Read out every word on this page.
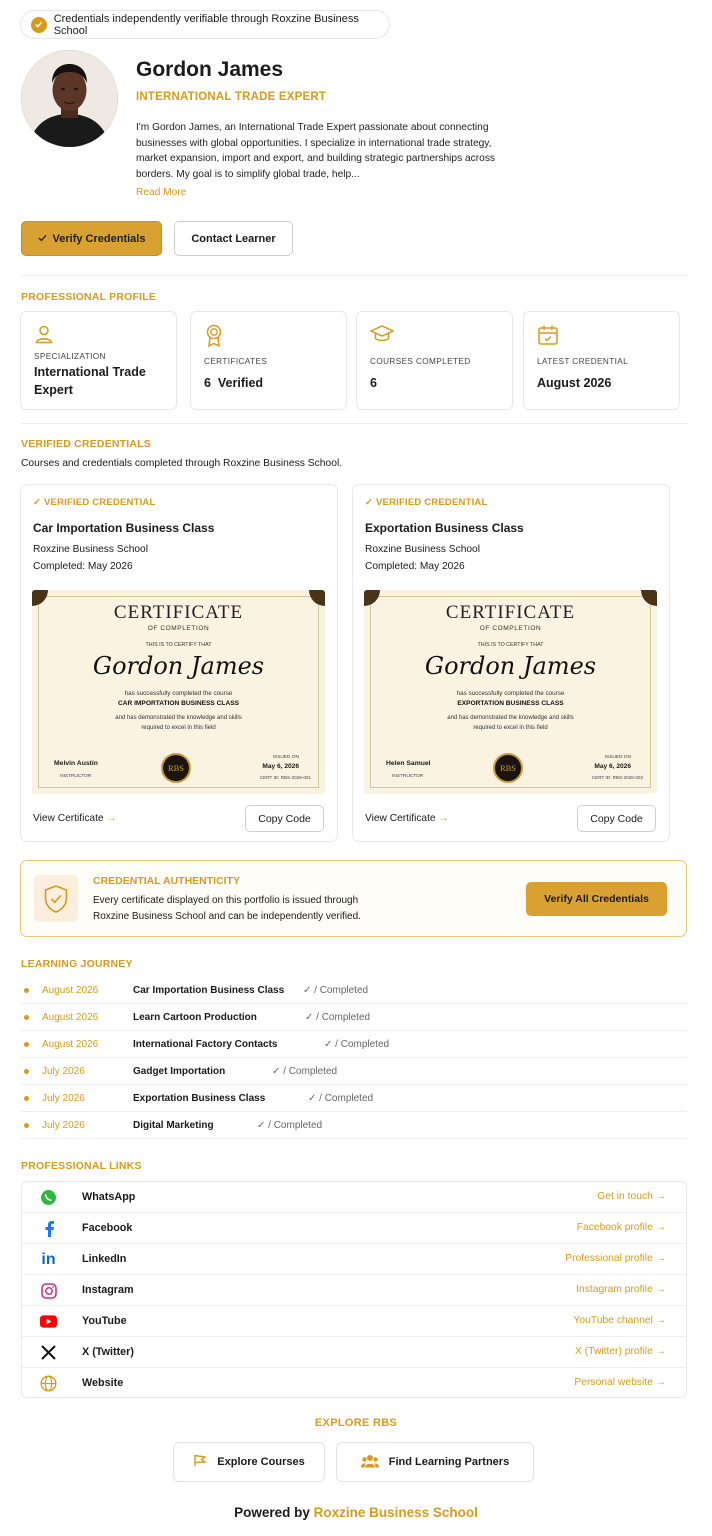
Credentials independently verifiable through Roxzine Business School
Gordon James
INTERNATIONAL TRADE EXPERT
I'm Gordon James, an International Trade Expert passionate about connecting businesses with global opportunities. I specialize in international trade strategy, market expansion, import and export, and building strategic partnerships across borders. My goal is to simplify global trade, help...
Read More
Verify Credentials	Contact Learner
PROFESSIONAL PROFILE
SPECIALIZATION
International Trade Expert
CERTIFICATES
6  Verified
COURSES COMPLETED
6
LATEST CREDENTIAL
August 2026
VERIFIED CREDENTIALS
Courses and credentials completed through Roxzine Business School.
✓ VERIFIED CREDENTIAL
Car Importation Business Class
Roxzine Business School
Completed: May 2026
CERTIFICATE
OF COMPLETION
THIS IS TO CERTIFY THAT
Gordon James
has successfully completed the course
CAR IMPORTATION BUSINESS CLASS
and has demonstrated the knowledge and skills
required to excel in this field
Melvin Austin
INSTRUCTOR
RBS
ISSUED ON
May 6, 2026
CERT ID: RBS-2026-001
View Certificate →	Copy Code
✓ VERIFIED CREDENTIAL
Exportation Business Class
Roxzine Business School
Completed: May 2026
CERTIFICATE
OF COMPLETION
THIS IS TO CERTIFY THAT
Gordon James
has successfully completed the course
EXPORTATION BUSINESS CLASS
and has demonstrated the knowledge and skills
required to excel in this field
Helen Samuel
INSTRUCTOR
RBS
ISSUED ON
May 6, 2026
CERT ID: RBS-2026-002
View Certificate →	Copy Code
CREDENTIAL AUTHENTICITY
Every certificate displayed on this portfolio is issued through Roxzine Business School and can be independently verified.
Verify All Credentials
LEARNING JOURNEY
August 2026	Car Importation Business Class ✓ / Completed
August 2026	Learn Cartoon Production	✓ / Completed
August 2026	International Factory Contacts	✓ / Completed
July 2026	Gadget Importation	✓ / Completed
July 2026	Exportation Business Class	✓ / Completed
July 2026	Digital Marketing	✓ / Completed
PROFESSIONAL LINKS
WhatsApp	Get in touch →
Facebook	Facebook profile →
in LinkedIn	Professional profile →
Instagram	Instagram profile →
YouTube	YouTube channel →
X (Twitter)	X (Twitter) profile →
Website	Personal website →
EXPLORE RBS
Explore Courses	Find Learning Partners
Powered by Roxzine Business School
